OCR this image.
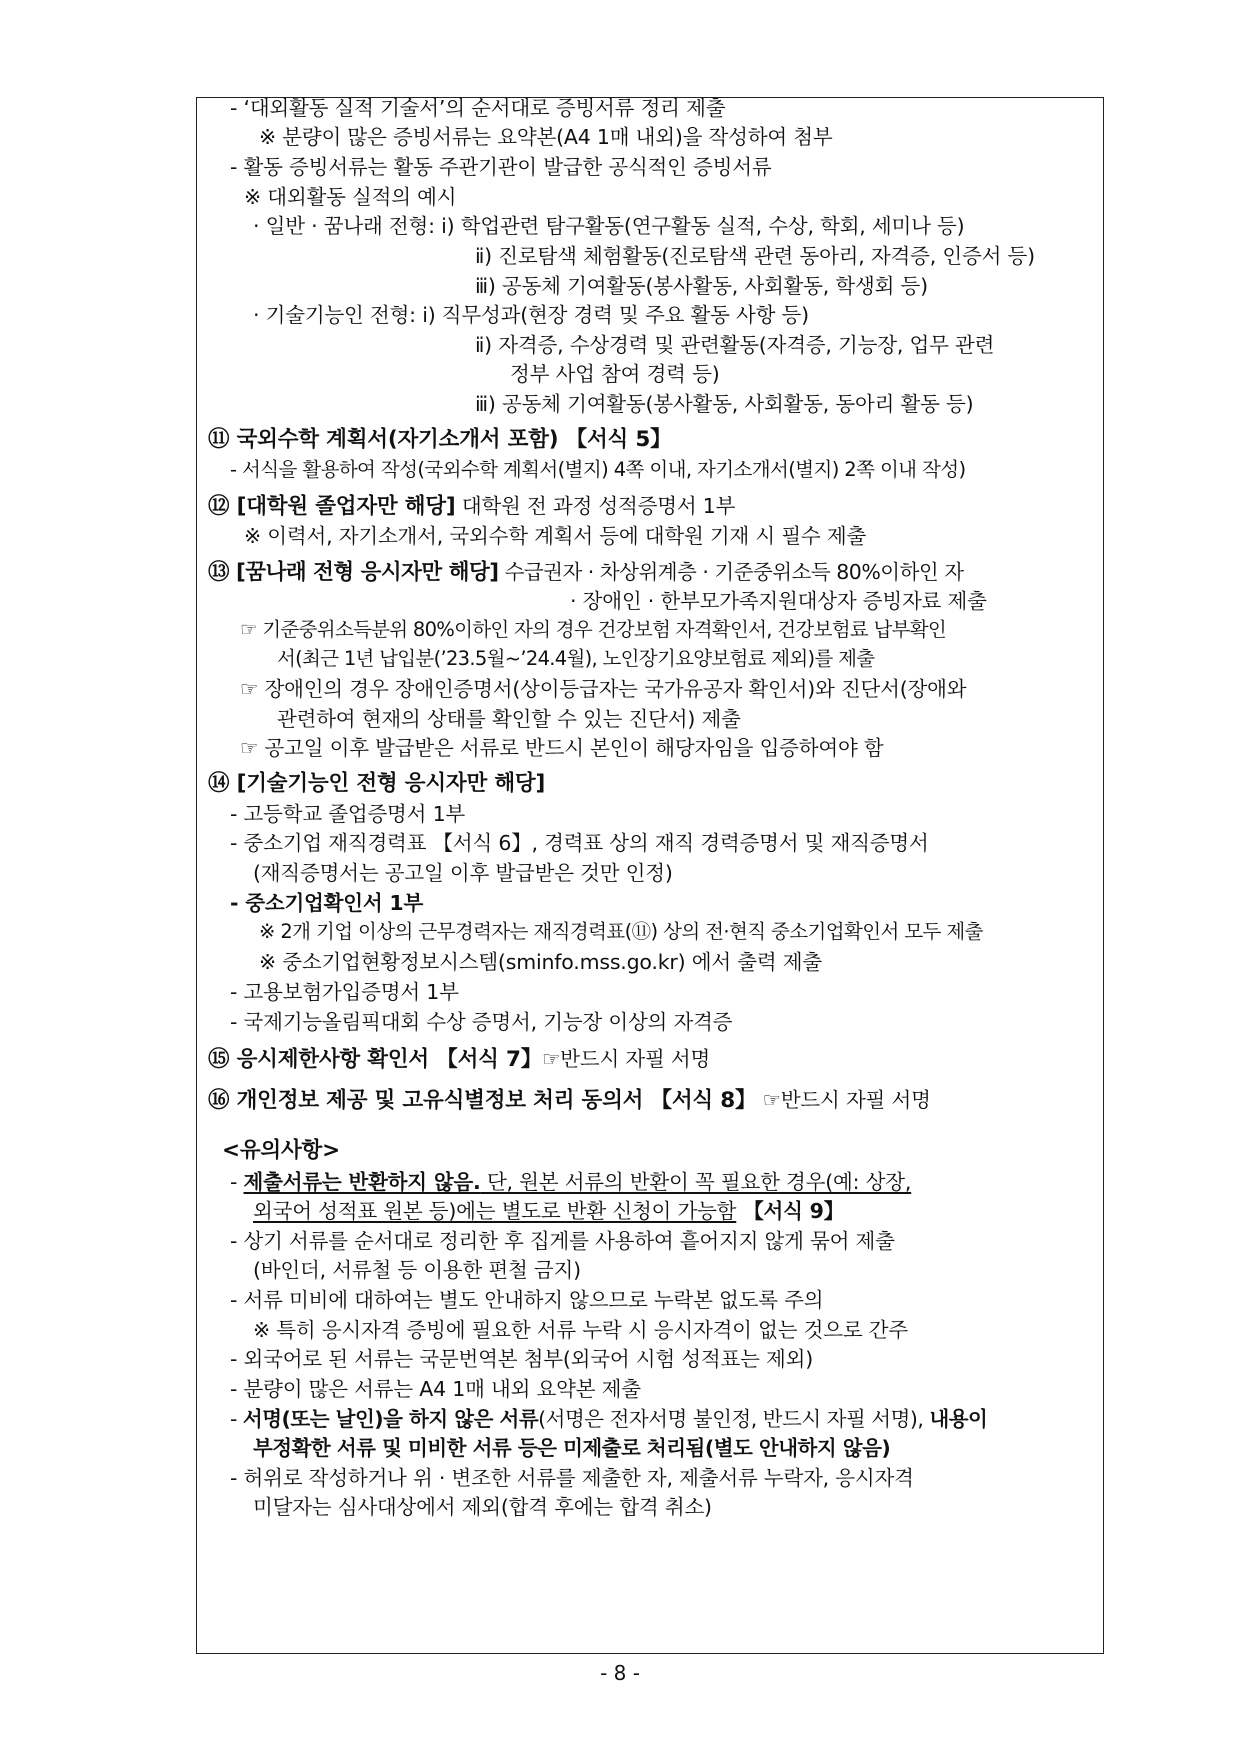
- ‘대외활동 실적 기술서’의 순서대로 증빙서류 정리 제출
※ 분량이 많은 증빙서류는 요약본(A4 1매 내외)을 작성하여 첨부
- 활동 증빙서류는 활동 주관기관이 발급한 공식적인 증빙서류
※ 대외활동 실적의 예시
· 일반 · 꿈나래 전형: ⅰ) 학업관련 탐구활동(연구활동 실적, 수상, 학회, 세미나 등)
ⅱ) 진로탐색 체험활동(진로탐색 관련 동아리, 자격증, 인증서 등)
ⅲ) 공동체 기여활동(봉사활동, 사회활동, 학생회 등)
· 기술기능인 전형: ⅰ) 직무성과(현장 경력 및 주요 활동 사항 등)
ⅱ) 자격증, 수상경력 및 관련활동(자격증, 기능장, 업무 관련
정부 사업 참여 경력 등)
ⅲ) 공동체 기여활동(봉사활동, 사회활동, 동아리 활동 등)
⑪ 국외수학 계획서(자기소개서 포함) 【서식 5】
- 서식을 활용하여 작성(국외수학 계획서(별지) 4쪽 이내, 자기소개서(별지) 2쪽 이내 작성)
⑫ [대학원 졸업자만 해당] 대학원 전 과정 성적증명서 1부
※ 이력서, 자기소개서, 국외수학 계획서 등에 대학원 기재 시 필수 제출
⑬ [꿈나래 전형 응시자만 해당] 수급권자 · 차상위계층 · 기준중위소득 80%이하인 자
· 장애인 · 한부모가족지원대상자 증빙자료 제출
☞ 기준중위소득분위 80%이하인 자의 경우 건강보험 자격확인서, 건강보험료 납부확인
서(최근 1년 납입분(’23.5월~’24.4월), 노인장기요양보험료 제외)를 제출
☞ 장애인의 경우 장애인증명서(상이등급자는 국가유공자 확인서)와 진단서(장애와
관련하여 현재의 상태를 확인할 수 있는 진단서) 제출
☞ 공고일 이후 발급받은 서류로 반드시 본인이 해당자임을 입증하여야 함
⑭ [기술기능인 전형 응시자만 해당]
- 고등학교 졸업증명서 1부
- 중소기업 재직경력표 【서식 6】, 경력표 상의 재직 경력증명서 및 재직증명서
(재직증명서는 공고일 이후 발급받은 것만 인정)
- 중소기업확인서 1부
※ 2개 기업 이상의 근무경력자는 재직경력표(⑪) 상의 전·현직 중소기업확인서 모두 제출
※ 중소기업현황정보시스템(sminfo.mss.go.kr) 에서 출력 제출
- 고용보험가입증명서 1부
- 국제기능올림픽대회 수상 증명서, 기능장 이상의 자격증
⑮ 응시제한사항 확인서 【서식 7】☞반드시 자필 서명
⑯ 개인정보 제공 및 고유식별정보 처리 동의서 【서식 8】 ☞반드시 자필 서명
<유의사항>
- 제출서류는 반환하지 않음. 단, 원본 서류의 반환이 꼭 필요한 경우(예: 상장,
외국어 성적표 원본 등)에는 별도로 반환 신청이 가능함 【서식 9】
- 상기 서류를 순서대로 정리한 후 집게를 사용하여 흩어지지 않게 묶어 제출
(바인더, 서류철 등 이용한 편철 금지)
- 서류 미비에 대하여는 별도 안내하지 않으므로 누락본 없도록 주의
※ 특히 응시자격 증빙에 필요한 서류 누락 시 응시자격이 없는 것으로 간주
- 외국어로 된 서류는 국문번역본 첨부(외국어 시험 성적표는 제외)
- 분량이 많은 서류는 A4 1매 내외 요약본 제출
- 서명(또는 날인)을 하지 않은 서류(서명은 전자서명 불인정, 반드시 자필 서명), 내용이
부정확한 서류 및 미비한 서류 등은 미제출로 처리됨(별도 안내하지 않음)
- 허위로 작성하거나 위 · 변조한 서류를 제출한 자, 제출서류 누락자, 응시자격
미달자는 심사대상에서 제외(합격 후에는 합격 취소)
- 8 -
